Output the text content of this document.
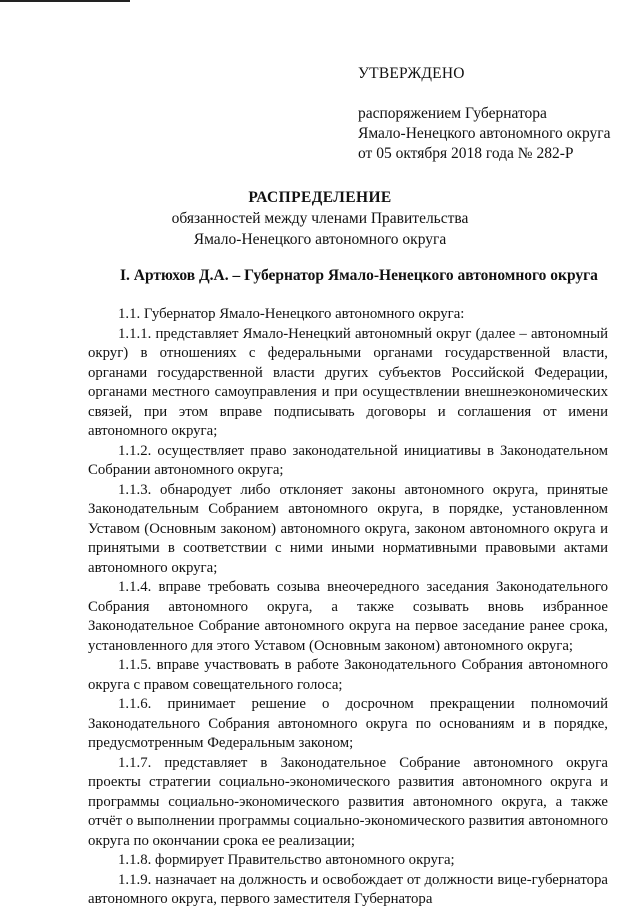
УТВЕРЖДЕНО
распоряжением Губернатора
Ямало-Ненецкого автономного округа
от 05 октября 2018 года № 282-Р
РАСПРЕДЕЛЕНИЕ
обязанностей между членами Правительства
Ямало-Ненецкого автономного округа
I. Артюхов Д.А. – Губернатор Ямало-Ненецкого автономного округа

1.1. Губернатор Ямало-Ненецкого автономного округа:

1.1.1. представляет Ямало-Ненецкий автономный округ (далее – автономный округ) в отношениях с федеральными органами государственной власти, органами государственной власти других субъектов Российской Федерации, органами местного самоуправления и при осуществлении внешнеэкономических связей, при этом вправе подписывать договоры и соглашения от имени автономного округа;

1.1.2. осуществляет право законодательной инициативы в Законодательном Собрании автономного округа;

1.1.3. обнародует либо отклоняет законы автономного округа, принятые Законодательным Собранием автономного округа, в порядке, установленном Уставом (Основным законом) автономного округа, законом автономного округа и принятыми в соответствии с ними иными нормативными правовыми актами автономного округа;

1.1.4. вправе требовать созыва внеочередного заседания Законодательного Собрания автономного округа, а также созывать вновь избранное Законодательное Собрание автономного округа на первое заседание ранее срока, установленного для этого Уставом (Основным законом) автономного округа;

1.1.5. вправе участвовать в работе Законодательного Собрания автономного округа с правом совещательного голоса;

1.1.6. принимает решение о досрочном прекращении полномочий Законодательного Собрания автономного округа по основаниям и в порядке, предусмотренным Федеральным законом;

1.1.7. представляет в Законодательное Собрание автономного округа проекты стратегии социально-экономического развития автономного округа и программы социально-экономического развития автономного округа, а также отчёт о выполнении программы социально-экономического развития автономного округа по окончании срока ее реализации;

1.1.8. формирует Правительство автономного округа;

1.1.9. назначает на должность и освобождает от должности вице-губернатора автономного округа, первого заместителя Губернатора
